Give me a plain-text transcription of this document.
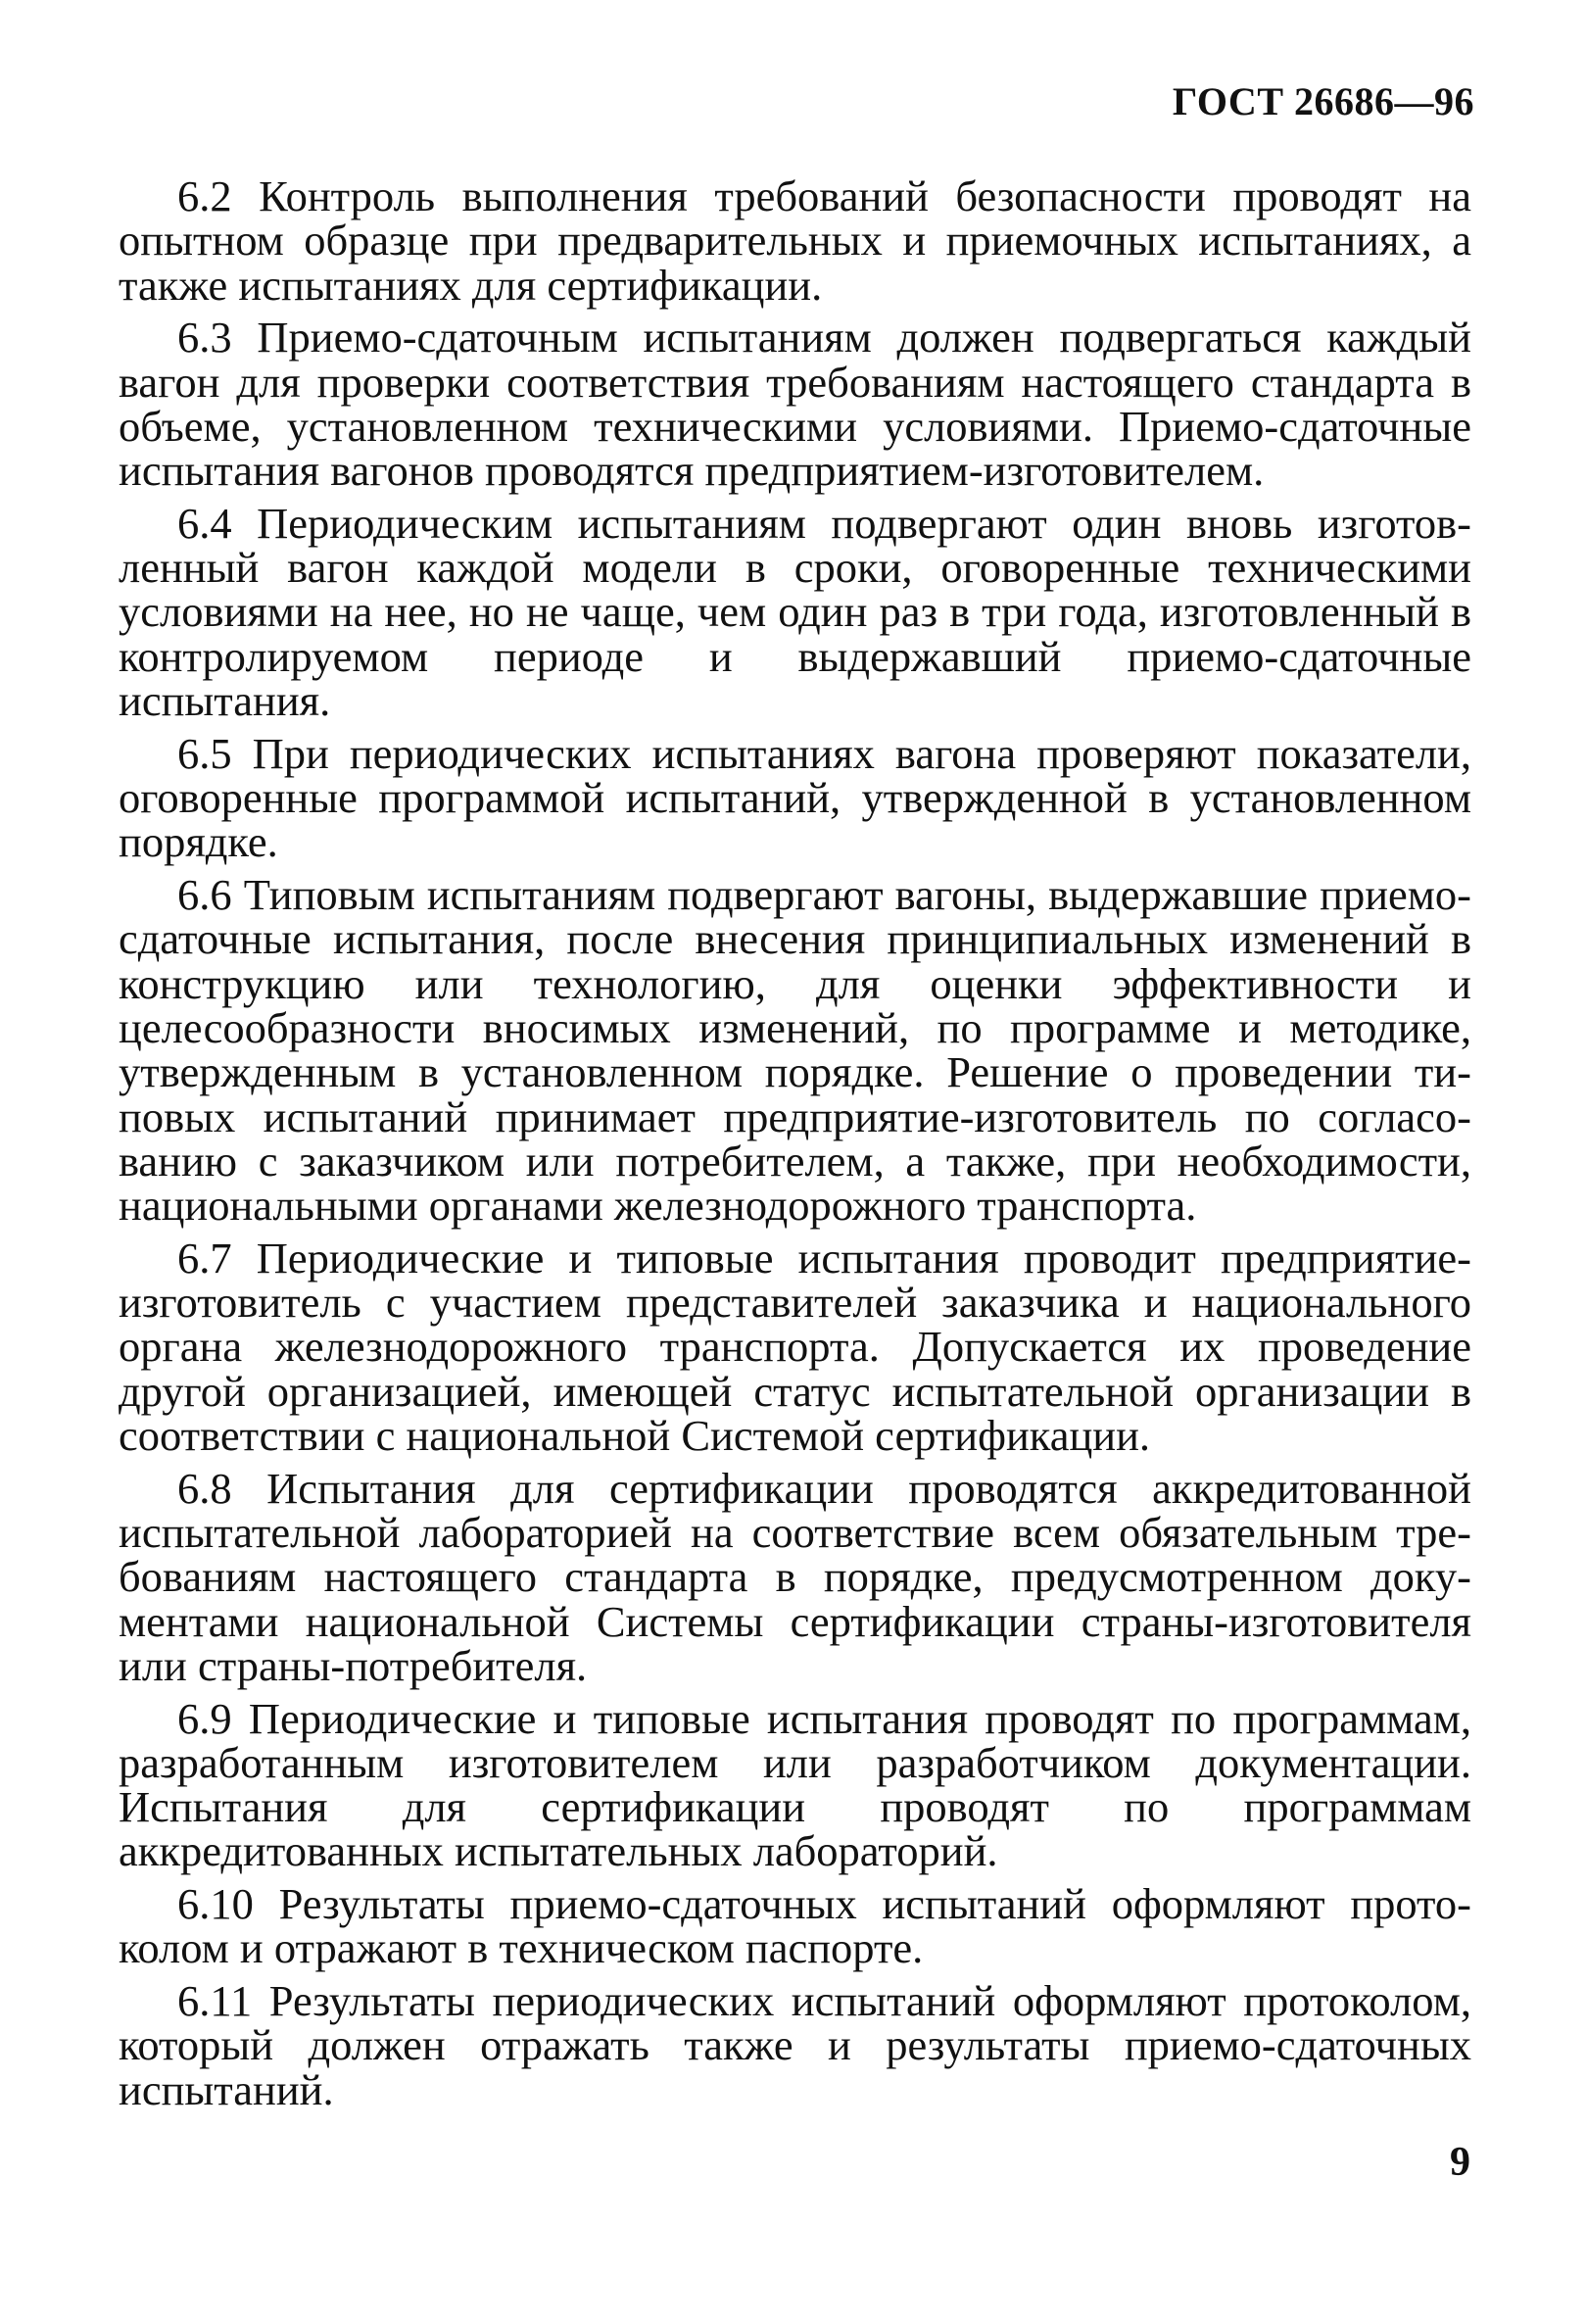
ГОСТ 26686—96

6.2 Контроль выполнения требований безопасности проводят на опытном образце при предварительных и приемочных испытаниях, а также испытаниях для сертификации.

6.3 Приемо-сдаточным испытаниям должен подвергаться каждый вагон для проверки соответствия требованиям настоящего стандарта в объеме, установленном техническими условиями. Приемо-сдаточные испытания вагонов проводятся предприятием-изготовителем.

6.4 Периодическим испытаниям подвергают один вновь изготовленный вагон каждой модели в сроки, оговоренные техническими условиями на нее, но не чаще, чем один раз в три года, изготовленный в контролируемом периоде и выдержавший приемо-сдаточные испытания.

6.5 При периодических испытаниях вагона проверяют показатели, оговоренные программой испытаний, утвержденной в установленном порядке.

6.6 Типовым испытаниям подвергают вагоны, выдержавшие приемо-сдаточные испытания, после внесения принципиальных изменений в конструкцию или технологию, для оценки эффективности и целесообразности вносимых изменений, по программе и методике, утвержденным в установленном порядке. Решение о проведении типовых испытаний принимает предприятие-изготовитель по согласованию с заказчиком или потребителем, а также, при необходимости, национальными органами железнодорожного транспорта.

6.7 Периодические и типовые испытания проводит предприятие-изготовитель с участием представителей заказчика и национального органа железнодорожного транспорта. Допускается их проведение другой организацией, имеющей статус испытательной организации в соответствии с национальной Системой сертификации.

6.8 Испытания для сертификации проводятся аккредитованной испытательной лабораторией на соответствие всем обязательным требованиям настоящего стандарта в порядке, предусмотренном документами национальной Системы сертификации страны-изготовителя или страны-потребителя.

6.9 Периодические и типовые испытания проводят по программам, разработанным изготовителем или разработчиком документации. Испытания для сертификации проводят по программам аккредитованных испытательных лабораторий.

6.10 Результаты приемо-сдаточных испытаний оформляют протоколом и отражают в техническом паспорте.

6.11 Результаты периодических испытаний оформляют протоколом, который должен отражать также и результаты приемо-сдаточных испытаний.

9
